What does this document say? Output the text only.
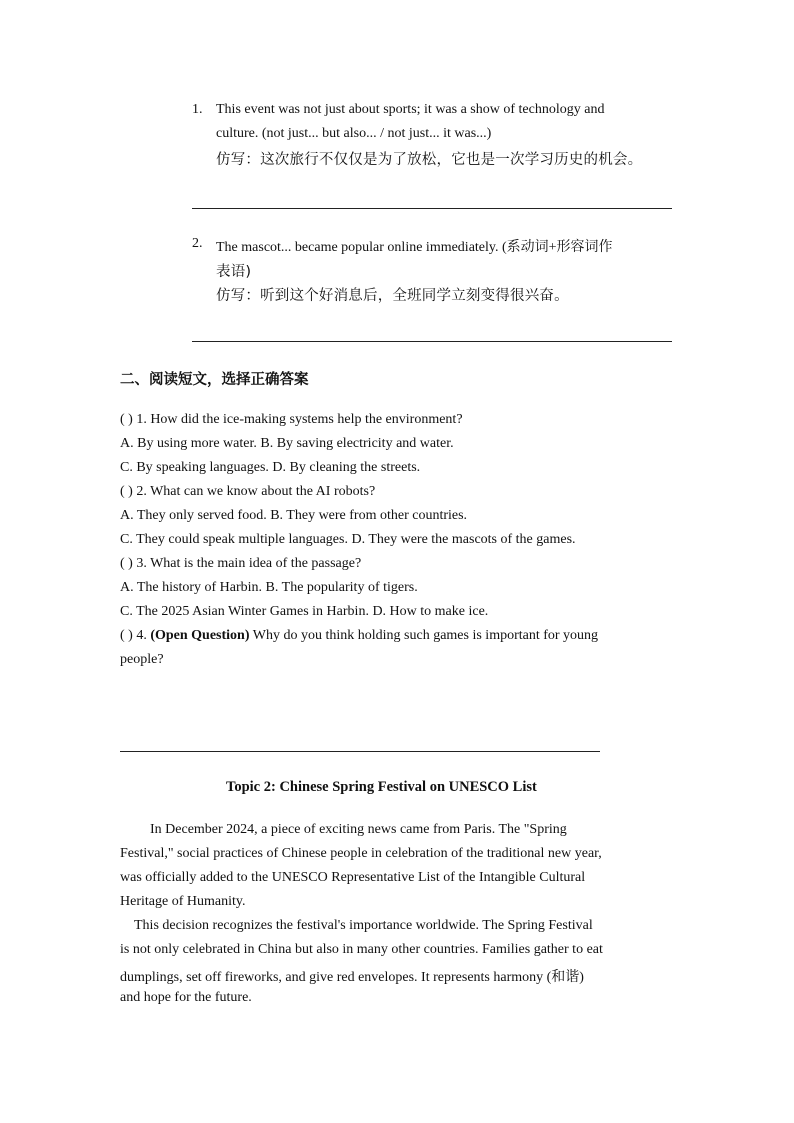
1. This event was not just about sports; it was a show of technology and
culture. (not just... but also... / not just... it was...)
仿写：这次旅行不仅仅是为了放松，它也是一次学习历史的机会。
2. The mascot... became popular online immediately. (系动词+形容词作
表语)
仿写：听到这个好消息后，全班同学立刻变得很兴奋。
二、阅读短文，选择正确答案
( ) 1. How did the ice-making systems help the environment?
A. By using more water. B. By saving electricity and water.
C. By speaking languages. D. By cleaning the streets.
( ) 2. What can we know about the AI robots?
A. They only served food. B. They were from other countries.
C. They could speak multiple languages. D. They were the mascots of the games.
( ) 3. What is the main idea of the passage?
A. The history of Harbin. B. The popularity of tigers.
C. The 2025 Asian Winter Games in Harbin. D. How to make ice.
( ) 4. (Open Question) Why do you think holding such games is important for young
people?
Topic 2: Chinese Spring Festival on UNESCO List
In December 2024, a piece of exciting news came from Paris. The "Spring
Festival," social practices of Chinese people in celebration of the traditional new year,
was officially added to the UNESCO Representative List of the Intangible Cultural
Heritage of Humanity.
This decision recognizes the festival's importance worldwide. The Spring Festival
is not only celebrated in China but also in many other countries. Families gather to eat
dumplings, set off fireworks, and give red envelopes. It represents harmony (和谐)
and hope for the future.
